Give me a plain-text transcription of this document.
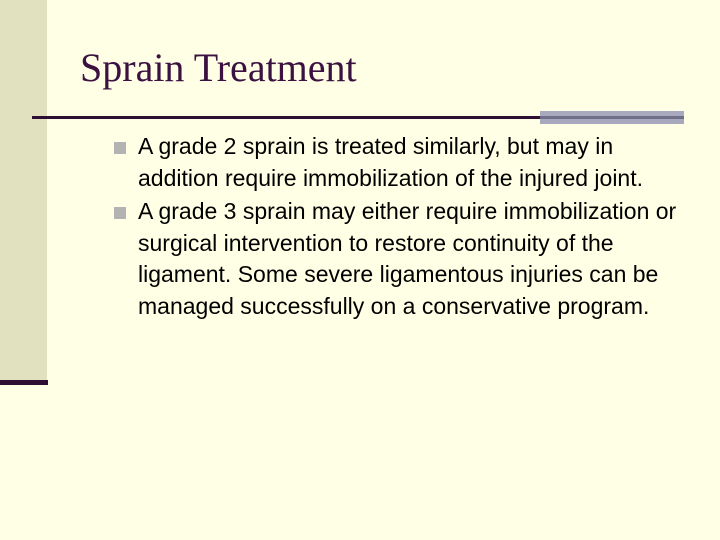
Sprain Treatment
A grade 2 sprain is treated similarly, but may in addition require immobilization of the injured joint.
A grade 3 sprain may either require immobilization or surgical intervention to restore continuity of the ligament. Some severe ligamentous injuries can be managed successfully on a conservative program.
